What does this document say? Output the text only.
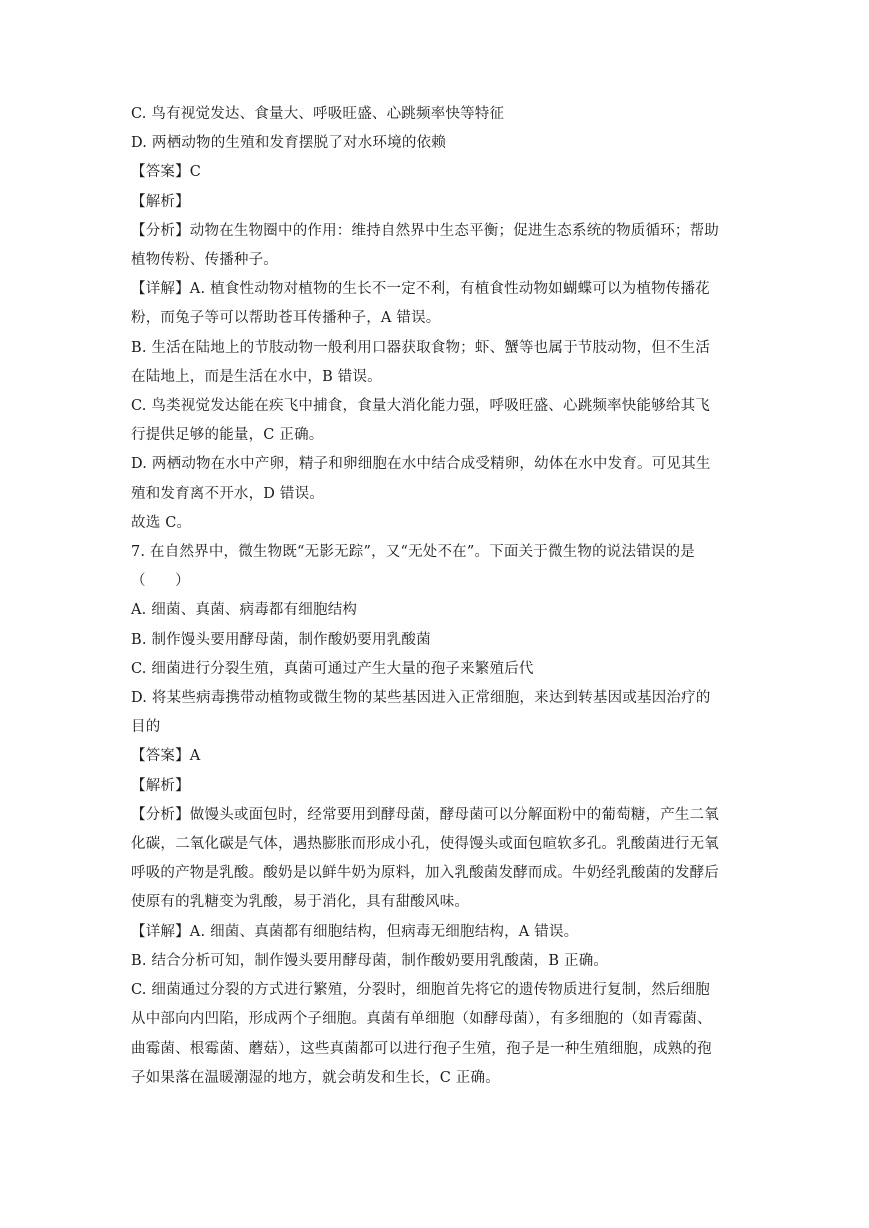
C. 鸟有视觉发达、食量大、呼吸旺盛、心跳频率快等特征
D. 两栖动物的生殖和发育摆脱了对水环境的依赖
【答案】C
【解析】
【分析】动物在生物圈中的作用：维持自然界中生态平衡；促进生态系统的物质循环；帮助
植物传粉、传播种子。
【详解】A. 植食性动物对植物的生长不一定不利，有植食性动物如蝴蝶可以为植物传播花
粉，而兔子等可以帮助苍耳传播种子，A 错误。
B. 生活在陆地上的节肢动物一般利用口器获取食物；虾、蟹等也属于节肢动物，但不生活
在陆地上，而是生活在水中，B 错误。
C. 鸟类视觉发达能在疾飞中捕食，食量大消化能力强，呼吸旺盛、心跳频率快能够给其飞
行提供足够的能量，C 正确。
D. 两栖动物在水中产卵，精子和卵细胞在水中结合成受精卵，幼体在水中发育。可见其生
殖和发育离不开水，D 错误。
故选 C。
7. 在自然界中，微生物既“无影无踪”，又“无处不在”。下面关于微生物的说法错误的是
（　　）
A. 细菌、真菌、病毒都有细胞结构
B. 制作馒头要用酵母菌，制作酸奶要用乳酸菌
C. 细菌进行分裂生殖，真菌可通过产生大量的孢子来繁殖后代
D. 将某些病毒携带动植物或微生物的某些基因进入正常细胞，来达到转基因或基因治疗的
目的
【答案】A
【解析】
【分析】做馒头或面包时，经常要用到酵母菌，酵母菌可以分解面粉中的葡萄糖，产生二氧
化碳，二氧化碳是气体，遇热膨胀而形成小孔，使得馒头或面包暄软多孔。乳酸菌进行无氧
呼吸的产物是乳酸。酸奶是以鲜牛奶为原料，加入乳酸菌发酵而成。牛奶经乳酸菌的发酵后
使原有的乳糖变为乳酸，易于消化，具有甜酸风味。
【详解】A. 细菌、真菌都有细胞结构，但病毒无细胞结构，A 错误。
B. 结合分析可知，制作馒头要用酵母菌，制作酸奶要用乳酸菌，B 正确。
C. 细菌通过分裂的方式进行繁殖，分裂时，细胞首先将它的遗传物质进行复制，然后细胞
从中部向内凹陷，形成两个子细胞。真菌有单细胞（如酵母菌），有多细胞的（如青霉菌、
曲霉菌、根霉菌、蘑菇），这些真菌都可以进行孢子生殖，孢子是一种生殖细胞，成熟的孢
子如果落在温暖潮湿的地方，就会萌发和生长，C 正确。
